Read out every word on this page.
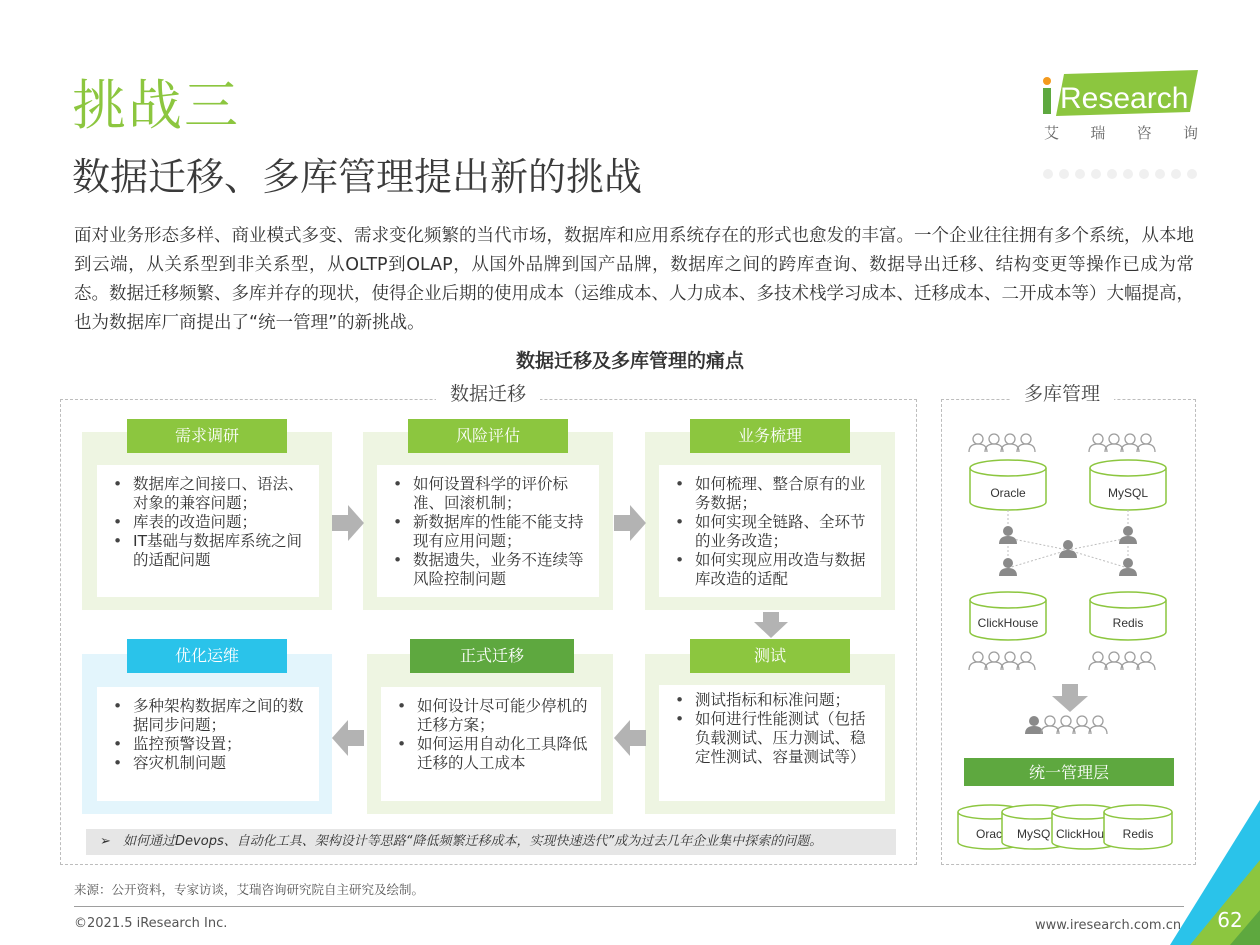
挑战三
数据迁移、多库管理提出新的挑战
Research
艾 瑞 咨 询
面对业务形态多样、商业模式多变、需求变化频繁的当代市场，数据库和应用系统存在的形式也愈发的丰富。一个企业往往拥有多个系统，从本地到云端，从关系型到非关系型，从OLTP到OLAP，从国外品牌到国产品牌，数据库之间的跨库查询、数据导出迁移、结构变更等操作已成为常态。数据迁移频繁、多库并存的现状，使得企业后期的使用成本（运维成本、人力成本、多技术栈学习成本、迁移成本、二开成本等）大幅提高，也为数据库厂商提出了“统一管理”的新挑战。
数据迁移及多库管理的痛点
数据迁移	多库管理
需求调研
• 数据库之间接口、语法、对象的兼容问题；
• 库表的改造问题；
• IT基础与数据库系统之间的适配问题
风险评估
• 如何设置科学的评价标准、回滚机制；
• 新数据库的性能不能支持现有应用问题；
• 数据遗失，业务不连续等风险控制问题
业务梳理
• 如何梳理、整合原有的业务数据；
• 如何实现全链路、全环节的业务改造；
• 如何实现应用改造与数据库改造的适配
优化运维
• 多种架构数据库之间的数据同步问题；
• 监控预警设置；
• 容灾机制问题
正式迁移
• 如何设计尽可能少停机的迁移方案；
• 如何运用自动化工具降低迁移的人工成本
测试
• 测试指标和标准问题；
• 如何进行性能测试（包括负载测试、压力测试、稳定性测试、容量测试等）
➢ 如何通过Devops、自动化工具、架构设计等思路“降低频繁迁移成本，实现快速迭代”成为过去几年企业集中探索的问题。
Oracle	MySQL
ClickHouse	Redis
统一管理层
Orac MySQ ClickHou Redis
来源：公开资料，专家访谈，艾瑞咨询研究院自主研究及绘制。
©2021.5 iResearch Inc.	www.iresearch.com.cn	62
